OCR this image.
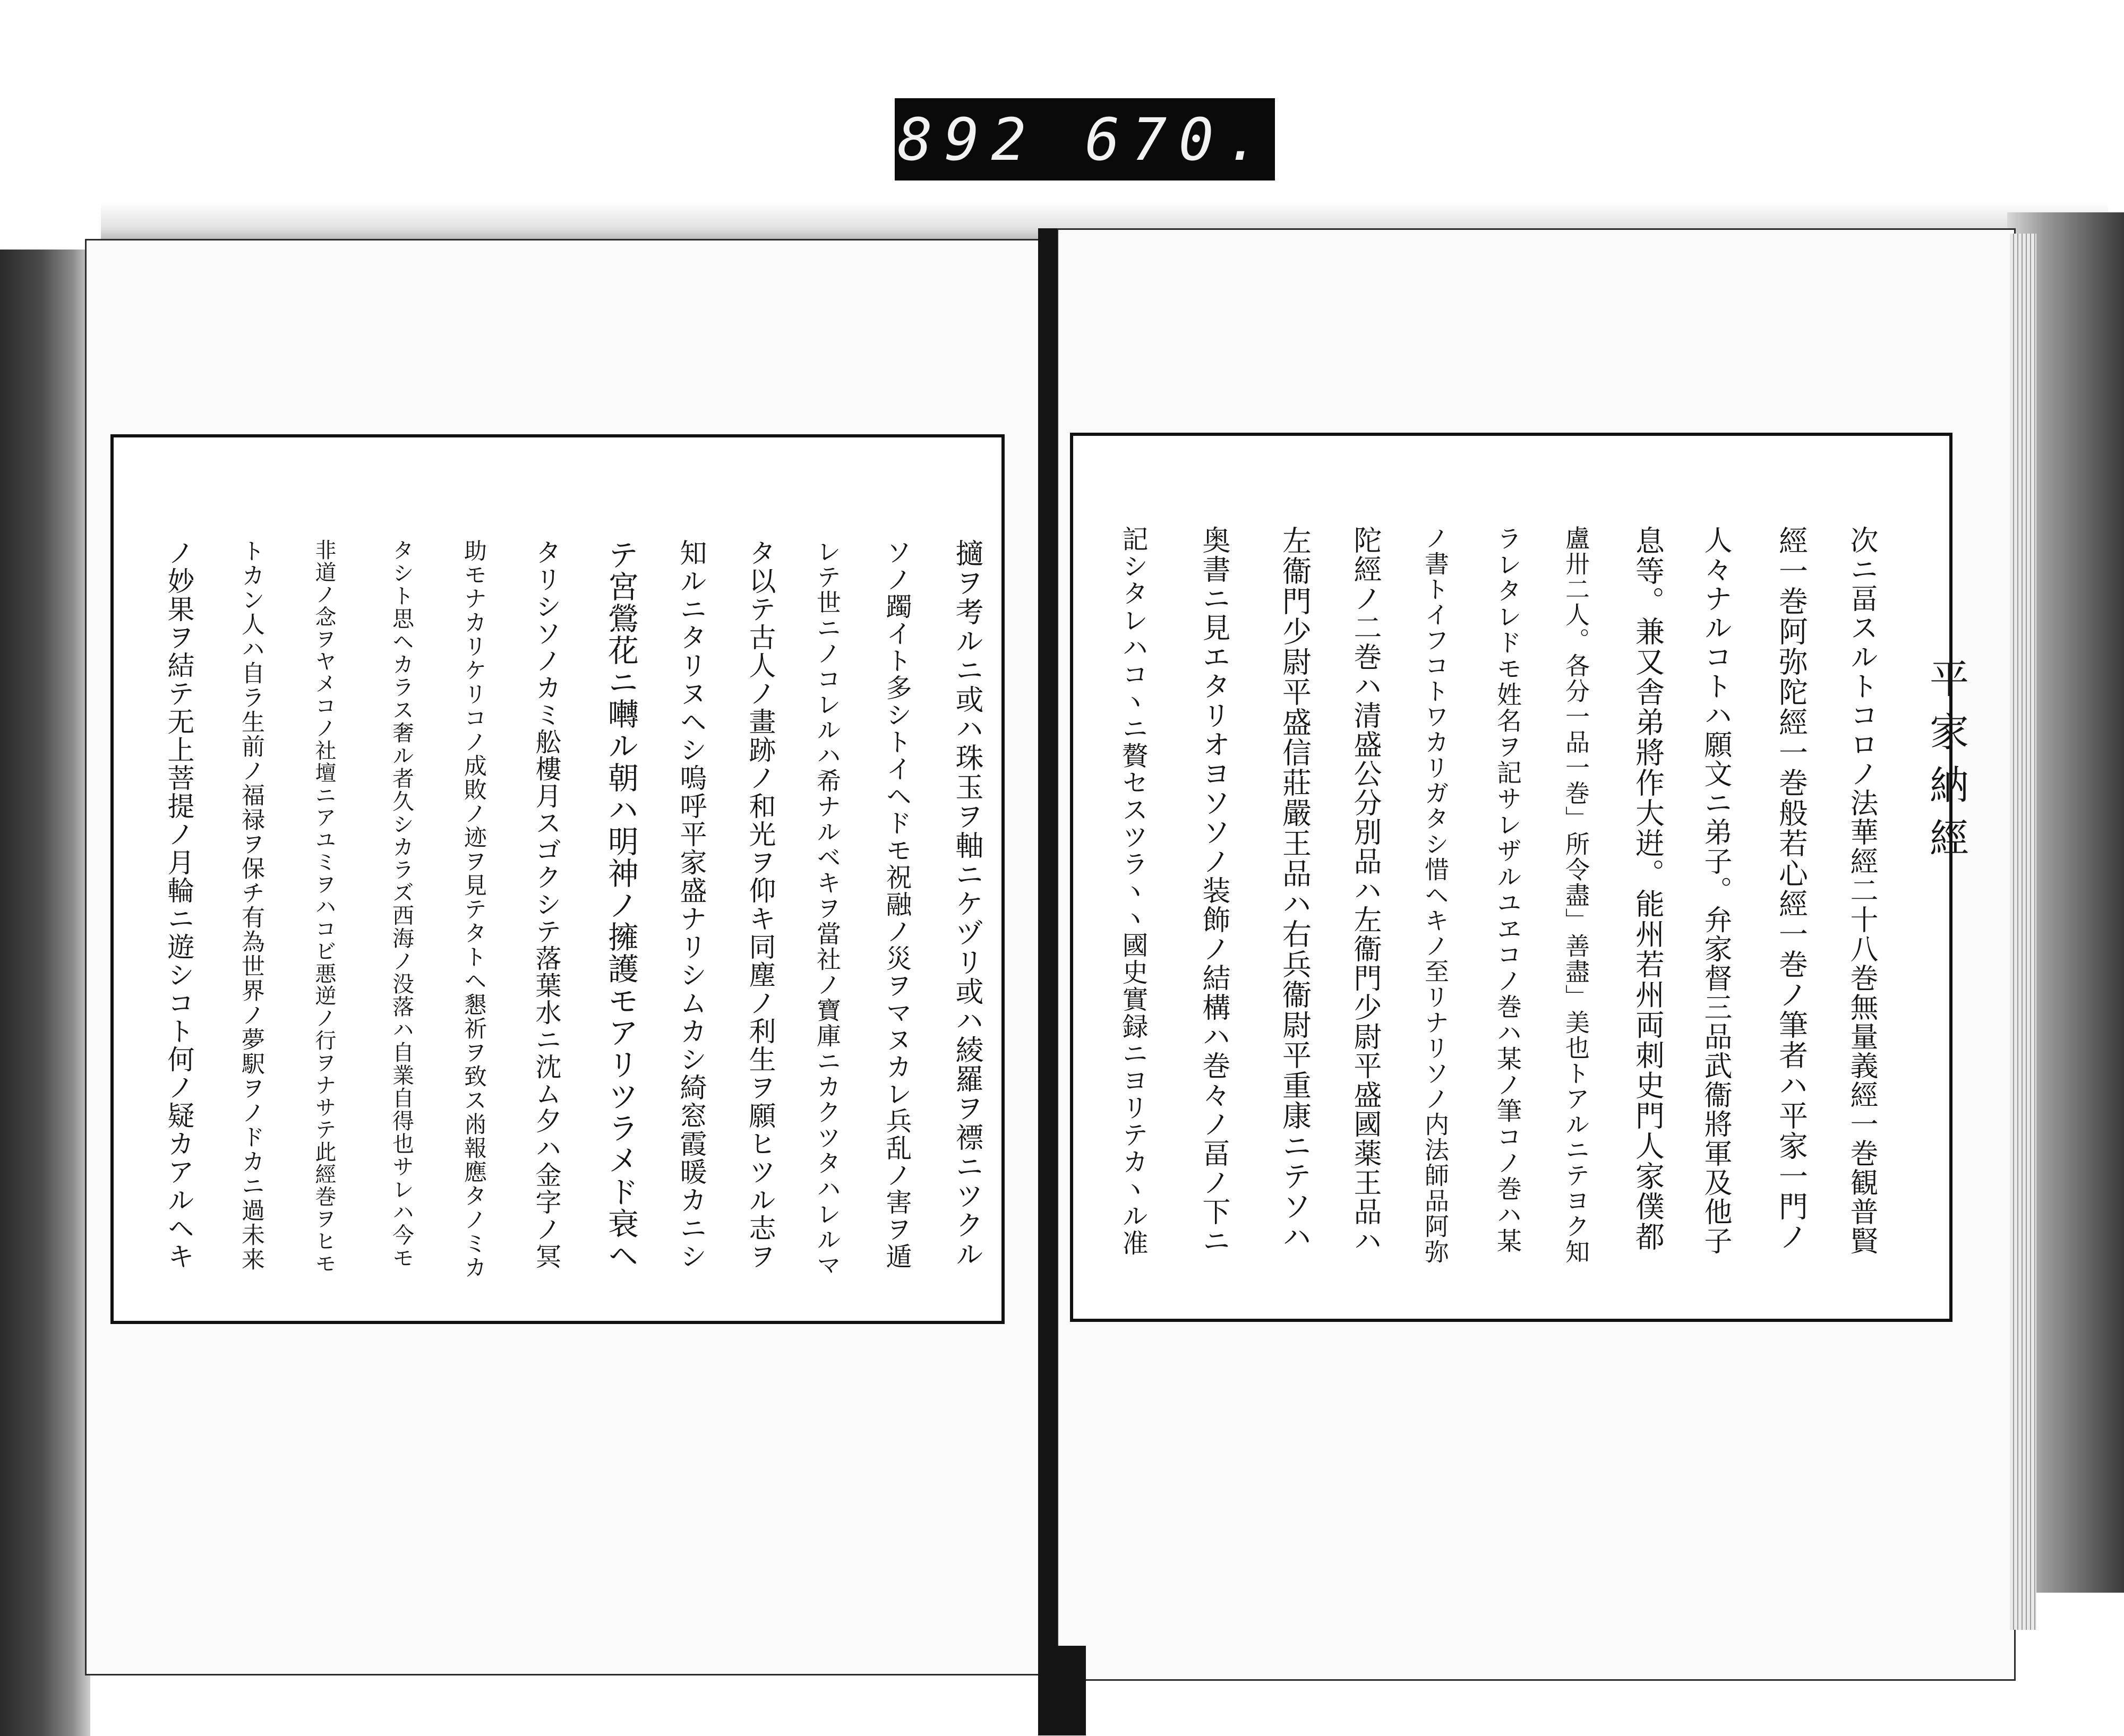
892 670.
平家納經
次ニ畐スルトコロノ法華經二十八巻無量義經一巻観普賢
經一巻阿弥陀經一巻般若心經一巻ノ筆者ハ平家一門ノ
人々ナルコトハ願文ニ弟子。弁家督三品武衞將軍及他子
息等。兼又舎弟將作大逬。能州若州両刺史門人家僕都
盧卅二人。各分一品一巻」所令盡」善盡」美也トアルニテヨク知
ラレタレドモ姓名ヲ記サレザルユヱコノ巻ハ某ノ筆コノ巻ハ某
ノ書トイフコトワカリガタシ惜ヘキノ至リナリソノ内法師品阿弥
陀經ノ二巻ハ清盛公分別品ハ左衞門少尉平盛國薬王品ハ
左衞門少尉平盛信莊嚴王品ハ右兵衞尉平重康ニテソハ
奥書ニ見エタリオヨソソノ装飾ノ結構ハ巻々ノ畐ノ下ニ
記シタレハコヽニ贅セスツラヽヽ國史實録ニヨリテカヽル准
擿ヲ考ルニ或ハ珠玉ヲ軸ニケヅリ或ハ綾羅ヲ褾ニツクル
ソノ躅イト多シトイヘドモ祝融ノ災ヲマヌカレ兵乱ノ害ヲ遁
レテ世ニノコレルハ希ナルベキヲ當社ノ寶庫ニカクツタハレルマ
タ以テ古人ノ畫跡ノ和光ヲ仰キ同塵ノ利生ヲ願ヒツル志ヲ
知ルニタリヌヘシ嗚呼平家盛ナリシムカシ綺窓霞暖カニシ
テ宮鶯花ニ囀ル朝ハ明神ノ擁護モアリツラメド衰ヘ
タリシソノカミ舩樓月スゴクシテ落葉水ニ沈ム夕ハ金字ノ冥
助モナカリケリコノ成敗ノ迹ヲ見テタトヘ懇祈ヲ致ス㡀報應タノミカ
タシト思ヘカラス奢ル者久シカラズ西海ノ没落ハ自業自得也サレハ今モ
非道ノ念ヲヤメコノ社壇ニアユミヲハコビ悪逆ノ行ヲナサテ此經巻ヲヒモ
トカン人ハ自ラ生前ノ福禄ヲ保チ有為世界ノ夢駅ヲノドカニ過未来
ノ妙果ヲ結テ无上菩提ノ月輪ニ遊シコト何ノ疑カアルヘキ
